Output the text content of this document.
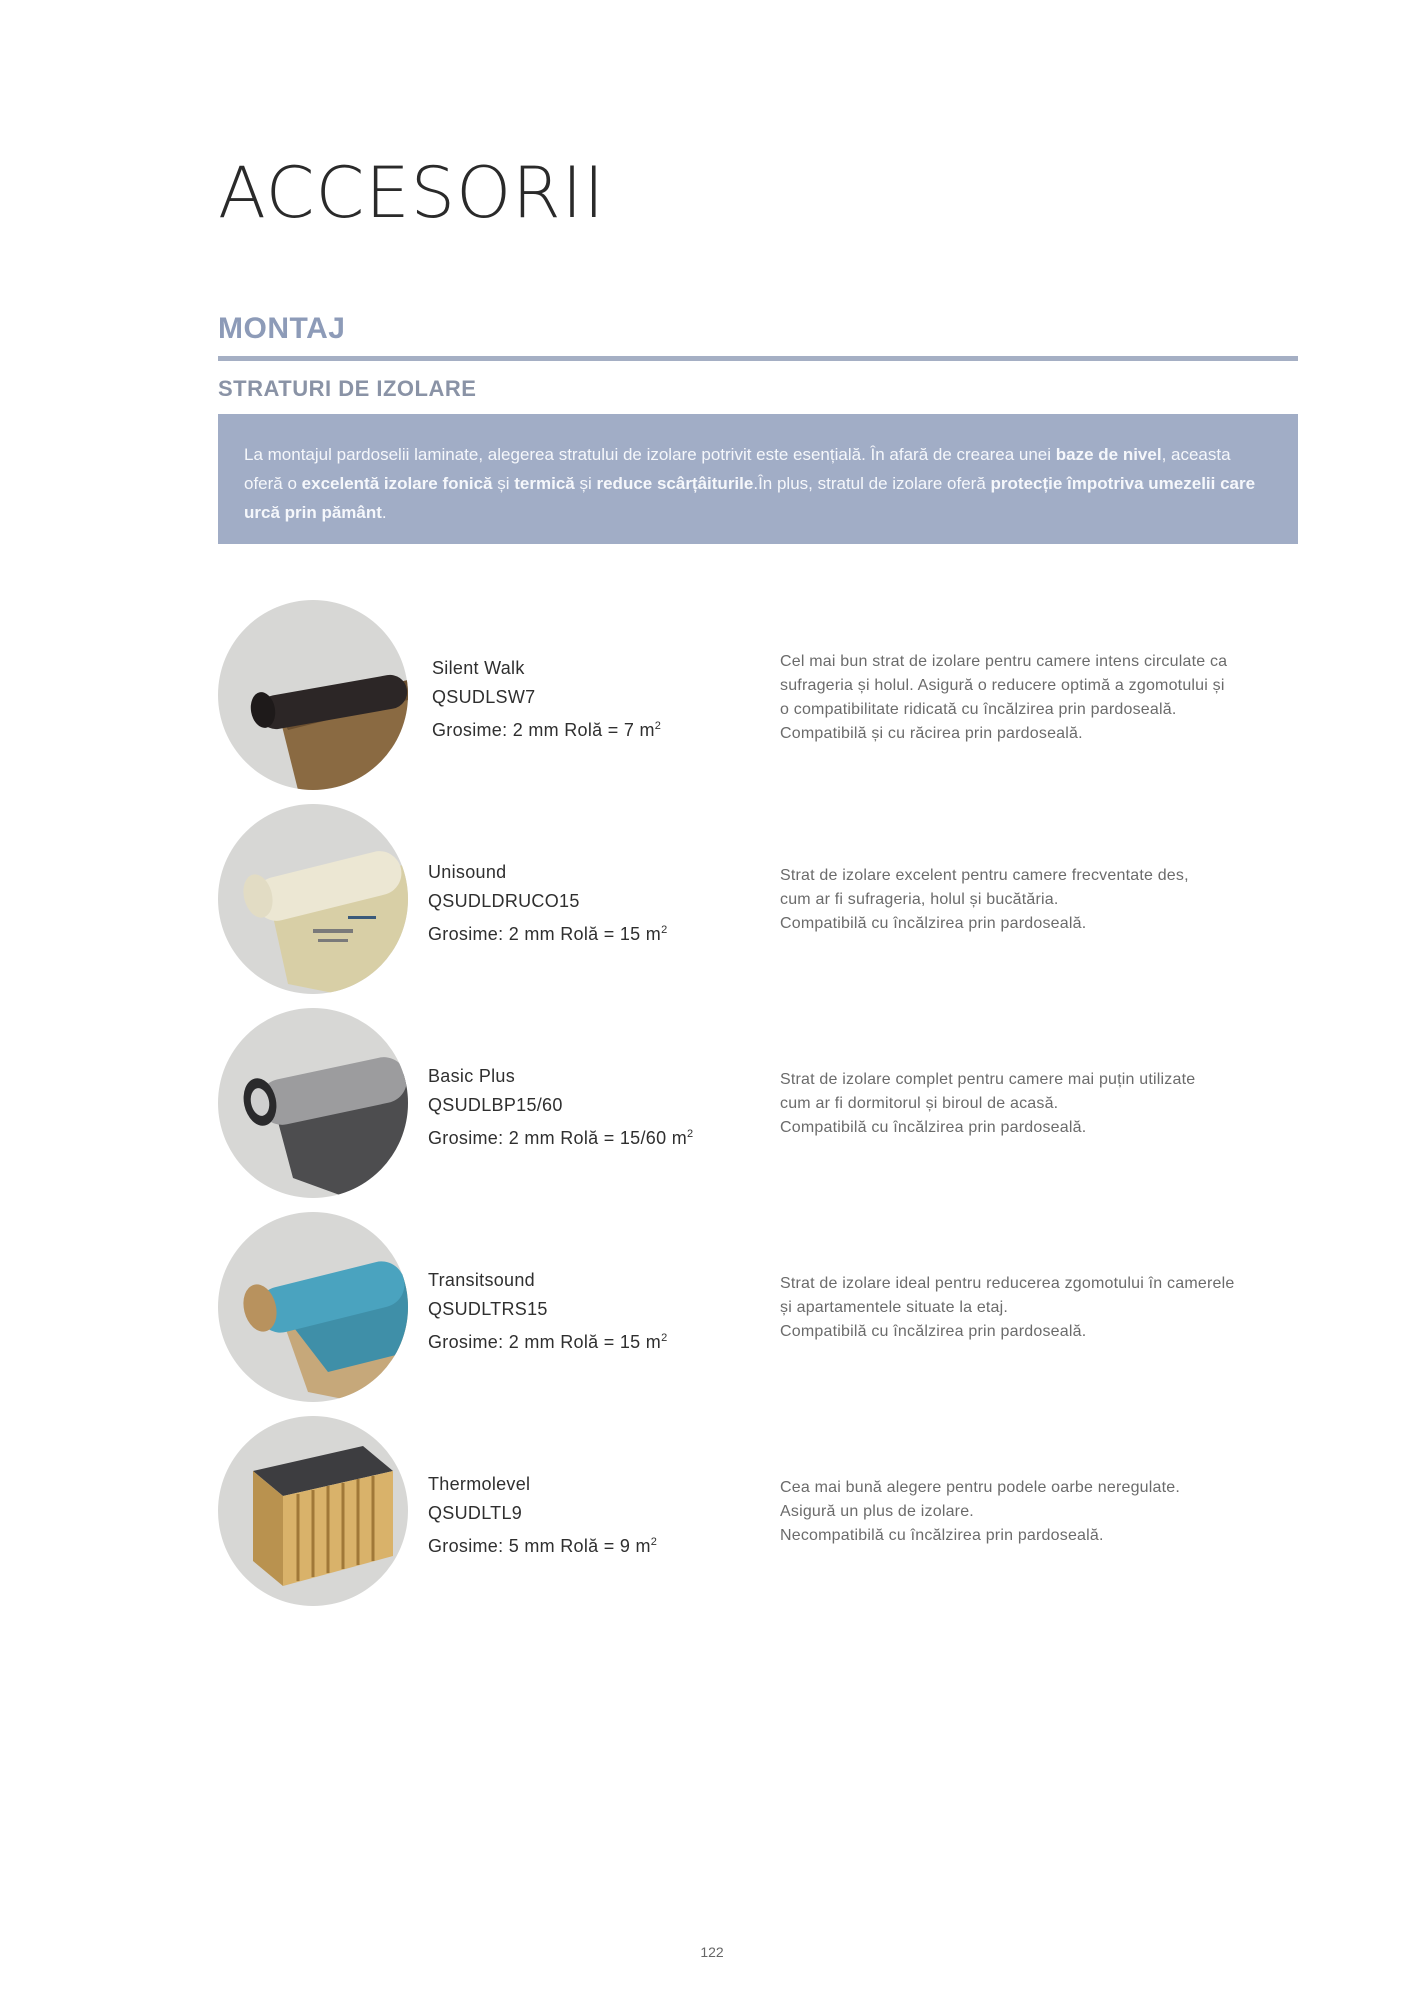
ACCESORII
MONTAJ
STRATURI DE IZOLARE
La montajul pardoselii laminate, alegerea stratului de izolare potrivit este esențială. În afară de crearea unei baze de nivel, aceasta oferă o excelentă izolare fonică și termică și reduce scârțâiturile.În plus, stratul de izolare oferă protecție împotriva umezelii care urcă prin pământ.
Silent Walk
QSUDLSW7
Grosime: 2 mm Rolă = 7 $m^2$
Cel mai bun strat de izolare pentru camere intens circulate ca
sufrageria și holul. Asigură o reducere optimă a zgomotului și
o compatibilitate ridicată cu încălzirea prin pardoseală.
Compatibilă și cu răcirea prin pardoseală.
Unisound
QSUDLDRUCO15
Grosime: 2 mm Rolă = 15 $m^2$
Strat de izolare excelent pentru camere frecventate des,
cum ar fi sufrageria, holul și bucătăria.
Compatibilă cu încălzirea prin pardoseală.
Basic Plus
QSUDLBP15/60
Grosime: 2 mm Rolă = 15/60 $m^2$
Strat de izolare complet pentru camere mai puțin utilizate
cum ar fi dormitorul și biroul de acasă.
Compatibilă cu încălzirea prin pardoseală.
Transitsound
QSUDLTRS15
Grosime: 2 mm Rolă = 15 $m^2$
Strat de izolare ideal pentru reducerea zgomotului în camerele
și apartamentele situate la etaj.
Compatibilă cu încălzirea prin pardoseală.
Thermolevel
QSUDLTL9
Grosime: 5 mm Rolă = 9 $m^2$
Cea mai bună alegere pentru podele oarbe neregulate.
Asigură un plus de izolare.
Necompatibilă cu încălzirea prin pardoseală.
122
